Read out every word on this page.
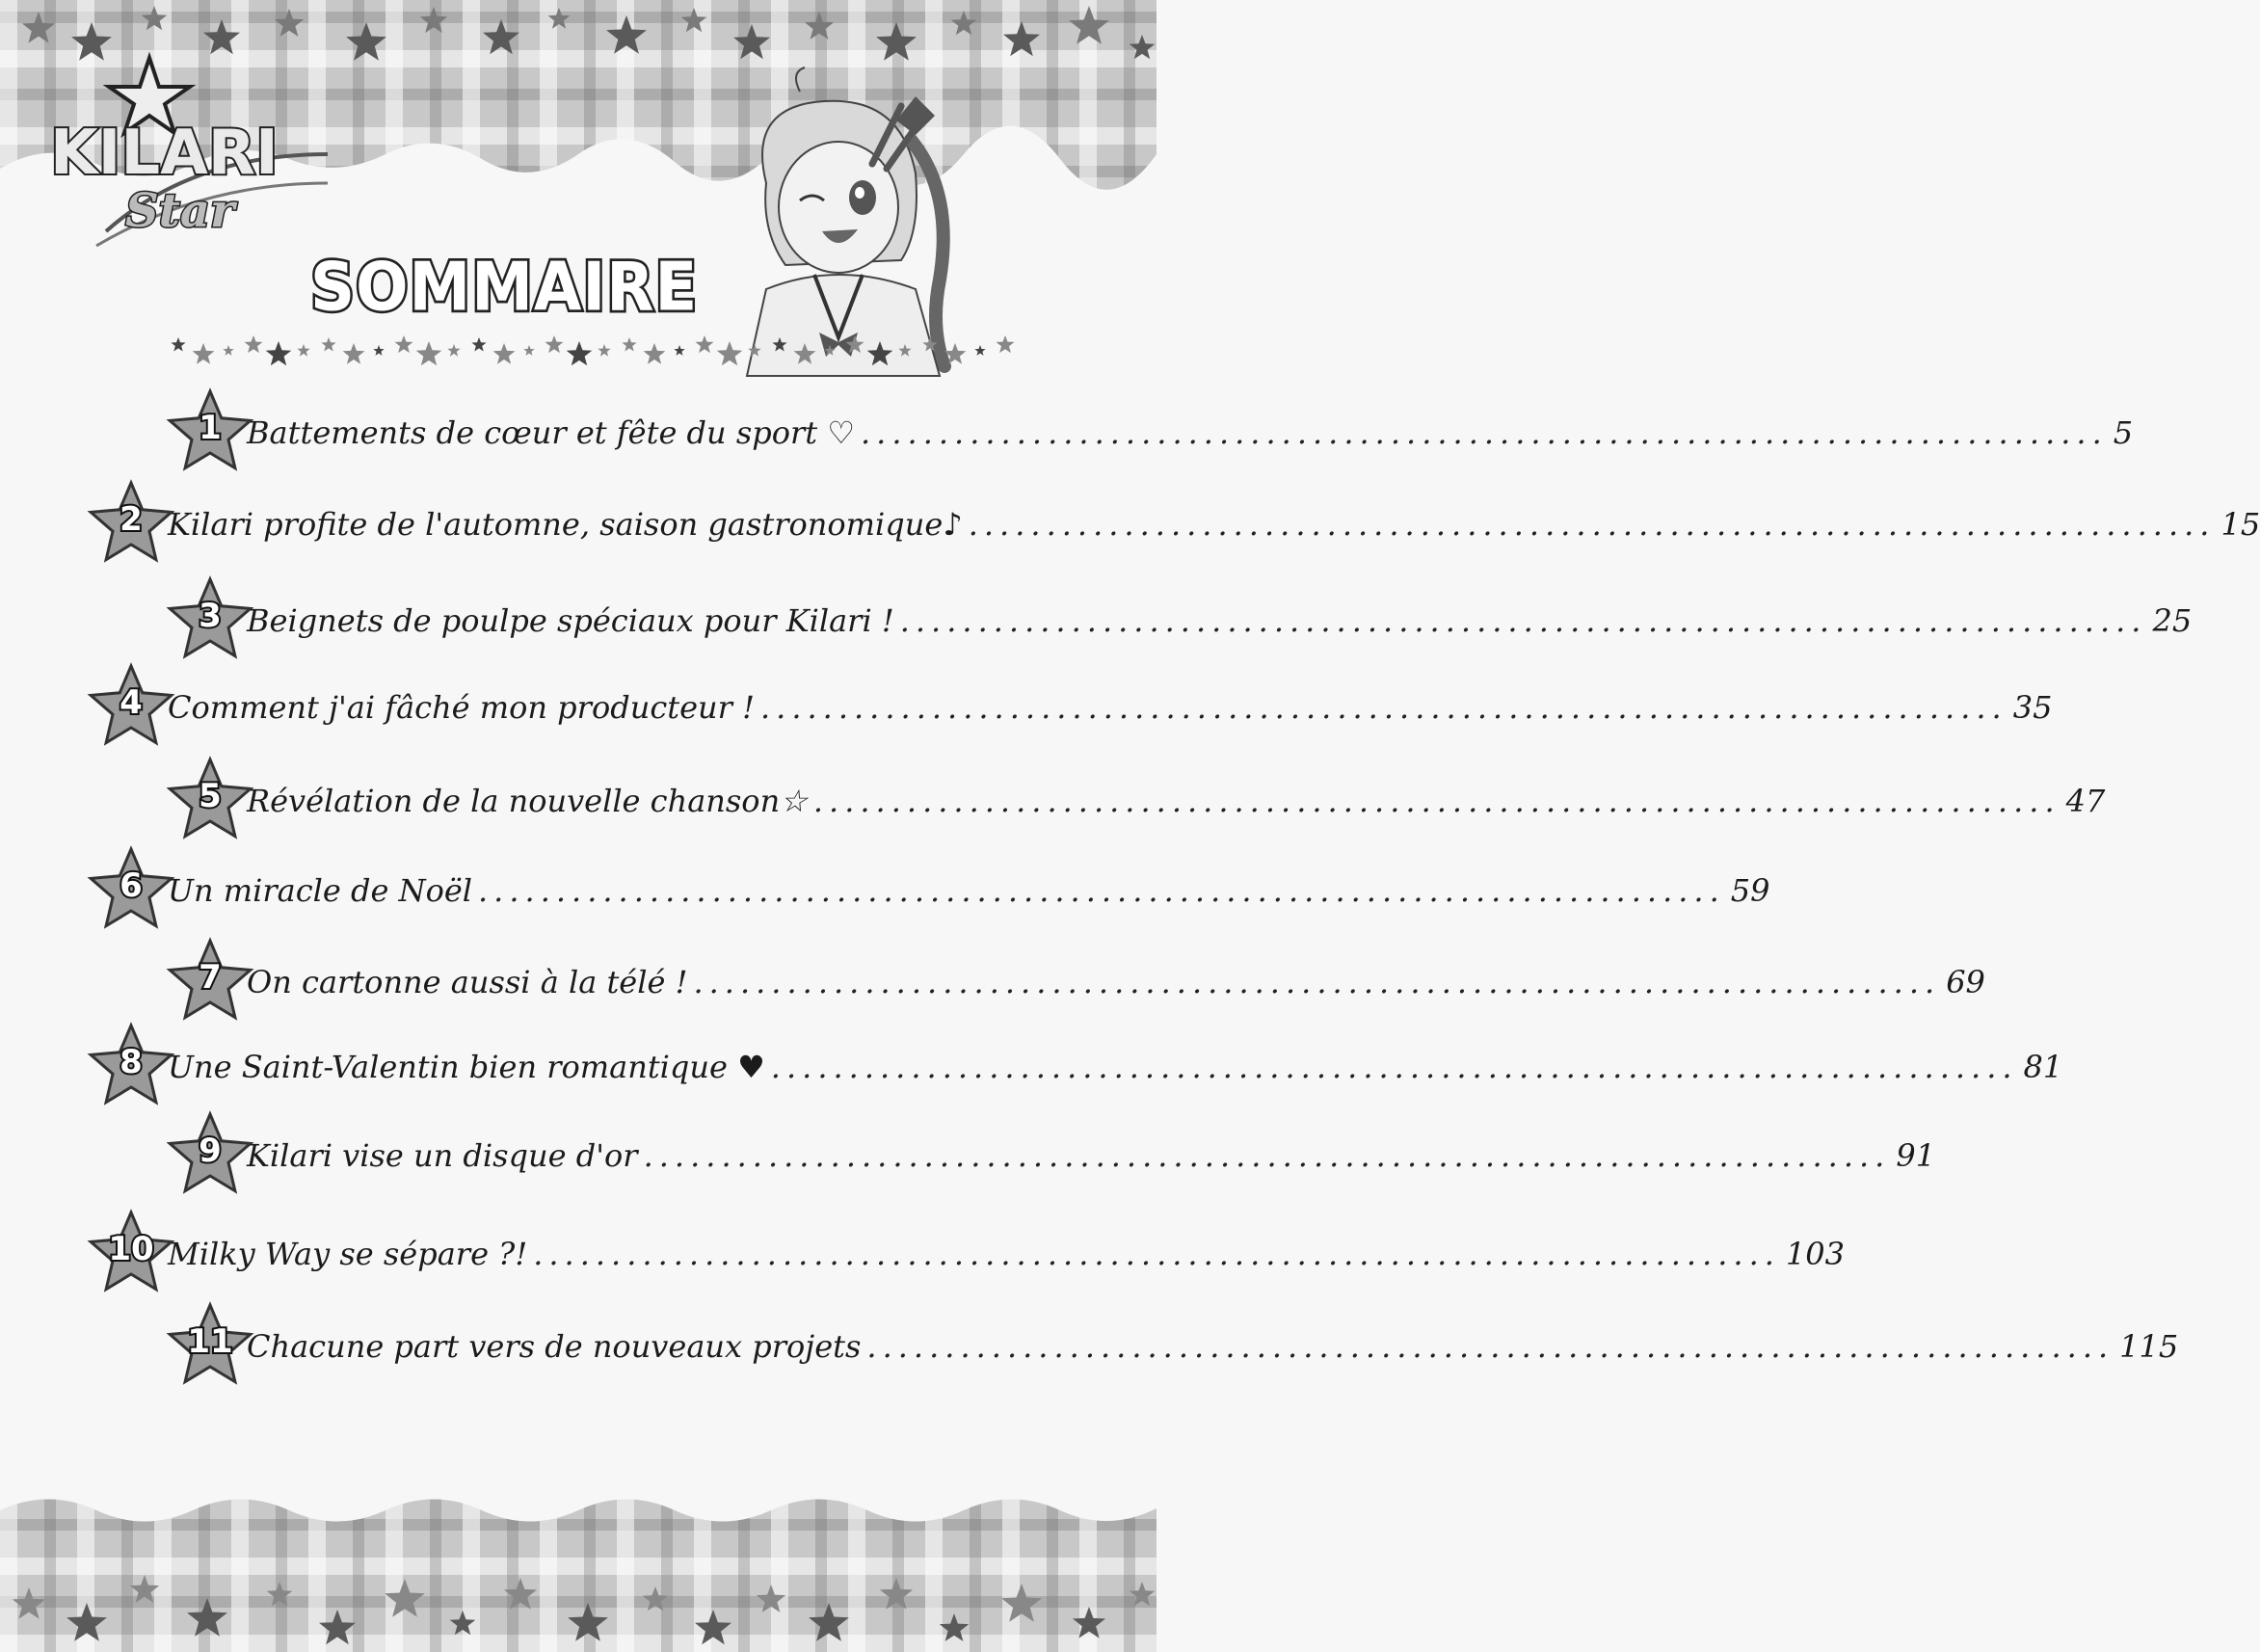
KILARI
Star
SOMMAIRE
1 Battements de cœur et fête du sport ♡ ................................................................................ 5
2 Kilari profite de l'automne, saison gastronomique♪ ................................................................................ 15
3 Beignets de poulpe spéciaux pour Kilari ! ................................................................................ 25
4 Comment j'ai fâché mon producteur ! ................................................................................ 35
5 Révélation de la nouvelle chanson☆ ................................................................................ 47
6 Un miracle de Noël ................................................................................ 59
7 On cartonne aussi à la télé ! ................................................................................ 69
8 Une Saint-Valentin bien romantique ♥ ................................................................................ 81
9 Kilari vise un disque d'or ................................................................................ 91
10 Milky Way se sépare ?! ................................................................................ 103
11 Chacune part vers de nouveaux projets ................................................................................ 115
